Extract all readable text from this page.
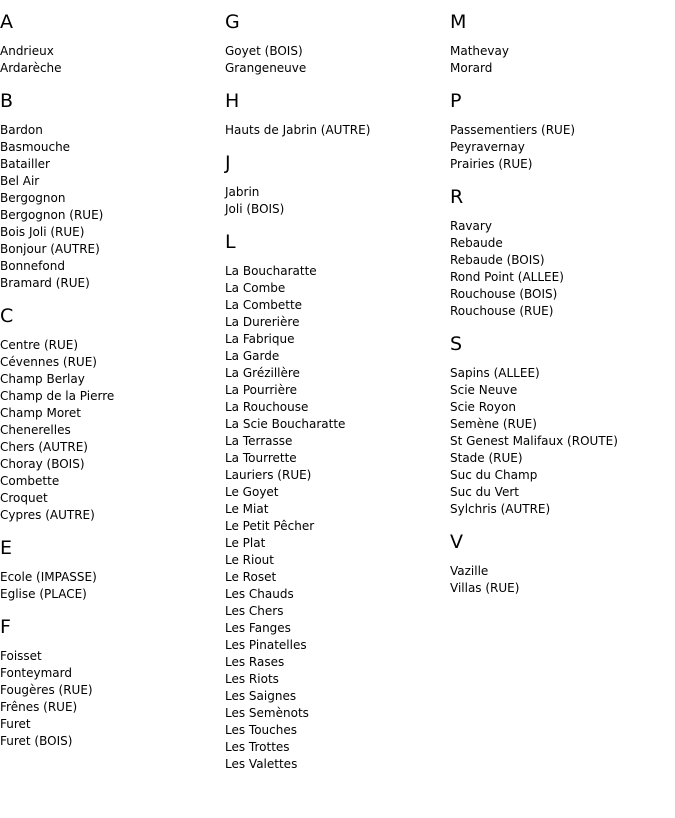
A
Andrieux
Ardarèche
B
Bardon
Basmouche
Batailler
Bel Air
Bergognon
Bergognon (RUE)
Bois Joli (RUE)
Bonjour (AUTRE)
Bonnefond
Bramard (RUE)
C
Centre (RUE)
Cévennes (RUE)
Champ Berlay
Champ de la Pierre
Champ Moret
Chenerelles
Chers (AUTRE)
Choray (BOIS)
Combette
Croquet
Cypres (AUTRE)
E
Ecole (IMPASSE)
Eglise (PLACE)
F
Foisset
Fonteymard
Fougères (RUE)
Frênes (RUE)
Furet
Furet (BOIS)
G
Goyet (BOIS)
Grangeneuve
H
Hauts de Jabrin (AUTRE)
J
Jabrin
Joli (BOIS)
L
La Boucharatte
La Combe
La Combette
La Durerière
La Fabrique
La Garde
La Grézillère
La Pourrière
La Rouchouse
La Scie Boucharatte
La Terrasse
La Tourrette
Lauriers (RUE)
Le Goyet
Le Miat
Le Petit Pêcher
Le Plat
Le Riout
Le Roset
Les Chauds
Les Chers
Les Fanges
Les Pinatelles
Les Rases
Les Riots
Les Saignes
Les Semènots
Les Touches
Les Trottes
Les Valettes
M
Mathevay
Morard
P
Passementiers (RUE)
Peyravernay
Prairies (RUE)
R
Ravary
Rebaude
Rebaude (BOIS)
Rond Point (ALLEE)
Rouchouse (BOIS)
Rouchouse (RUE)
S
Sapins (ALLEE)
Scie Neuve
Scie Royon
Semène (RUE)
St Genest Malifaux (ROUTE)
Stade (RUE)
Suc du Champ
Suc du Vert
Sylchris (AUTRE)
V
Vazille
Villas (RUE)
